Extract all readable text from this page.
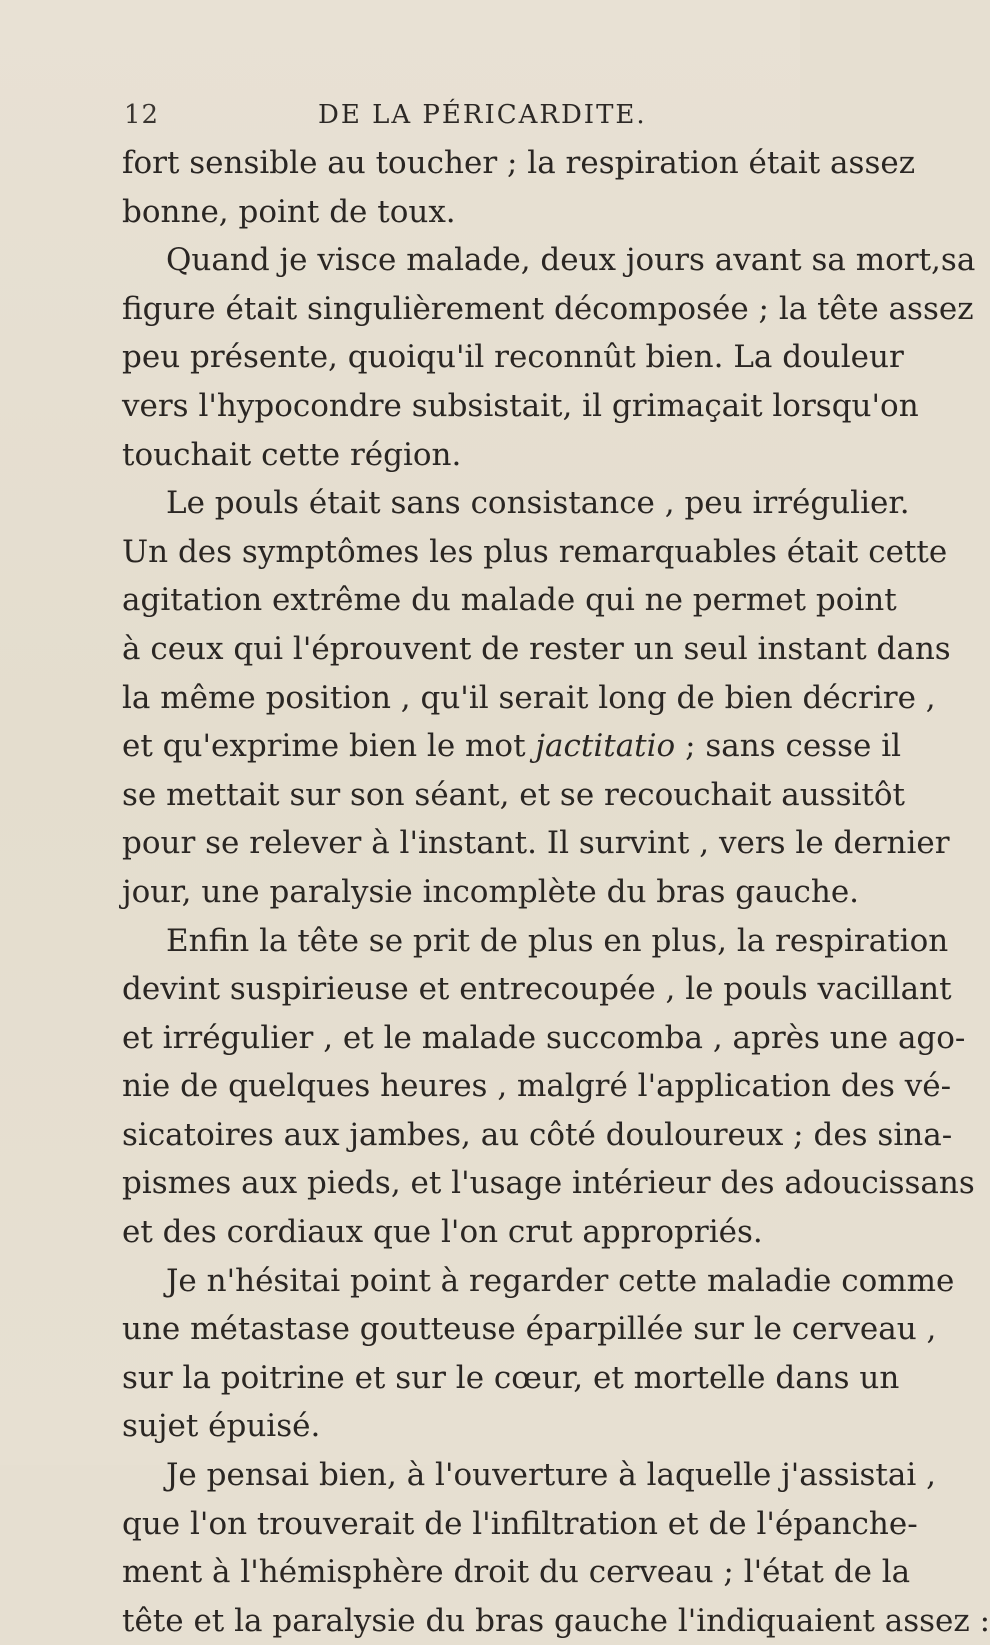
12	DE LA PÉRICARDITE.
fort sensible au toucher ; la respiration était assez
bonne, point de toux.
Quand je visce malade, deux jours avant sa mort,sa
figure était singulièrement décomposée ; la tête assez
peu présente, quoiqu'il reconnût bien. La douleur
vers l'hypocondre subsistait, il grimaçait lorsqu'on
touchait cette région.
Le pouls était sans consistance , peu irrégulier.
Un des symptômes les plus remarquables était cette
agitation extrême du malade qui ne permet point
à ceux qui l'éprouvent de rester un seul instant dans
la même position , qu'il serait long de bien décrire ,
et qu'exprime bien le mot jactitatio ; sans cesse il
se mettait sur son séant, et se recouchait aussitôt
pour se relever à l'instant. Il survint , vers le dernier
jour, une paralysie incomplète du bras gauche.
Enfin la tête se prit de plus en plus, la respiration
devint suspirieuse et entrecoupée , le pouls vacillant
et irrégulier , et le malade succomba , après une ago-
nie de quelques heures , malgré l'application des vé-
sicatoires aux jambes, au côté douloureux ; des sina-
pismes aux pieds, et l'usage intérieur des adoucissans
et des cordiaux que l'on crut appropriés.
Je n'hésitai point à regarder cette maladie comme
une métastase goutteuse éparpillée sur le cerveau ,
sur la poitrine et sur le cœur, et mortelle dans un
sujet épuisé.
Je pensai bien, à l'ouverture à laquelle j'assistai ,
que l'on trouverait de l'infiltration et de l'épanche-
ment à l'hémisphère droit du cerveau ; l'état de la
tête et la paralysie du bras gauche l'indiquaient assez :
